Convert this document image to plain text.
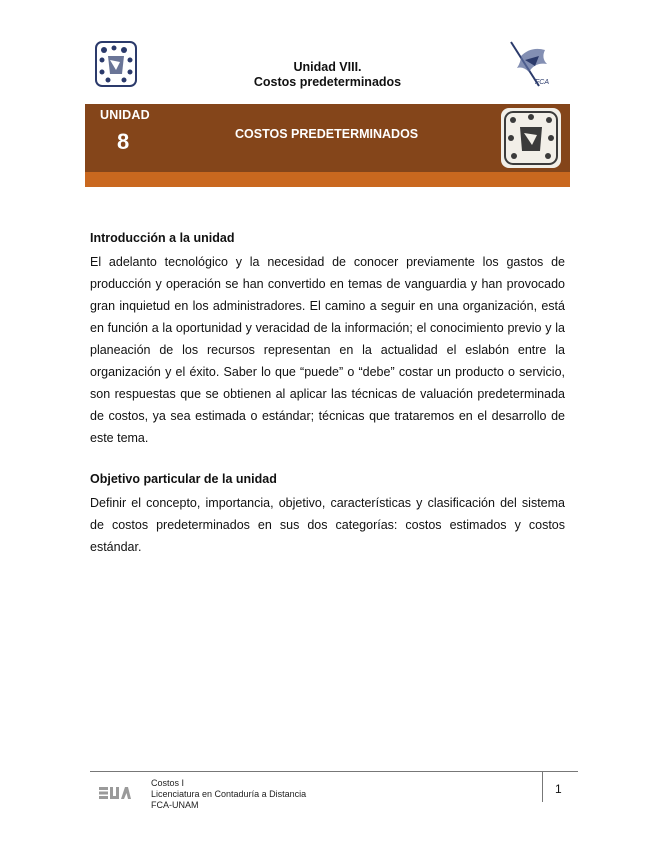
FCA
Unidad VIII.
Costos predeterminados
UNIDAD
8	COSTOS PREDETERMINADOS
Introducción a la unidad

El adelanto tecnológico y la necesidad de conocer previamente los gastos de producción y operación se han convertido en temas de vanguardia y han provocado gran inquietud en los administradores. El camino a seguir en una organización, está en función a la oportunidad y veracidad de la información; el conocimiento previo y la planeación de los recursos representan en la actualidad el eslabón entre la organización y el éxito. Saber lo que “puede” o “debe” costar un producto o servicio, son respuestas que se obtienen al aplicar las técnicas de valuación predeterminada de costos, ya sea estimada o estándar; técnicas que trataremos en el desarrollo de este tema.

Objetivo particular de la unidad

Definir el concepto, importancia, objetivo, características y clasificación del sistema de costos predeterminados en sus dos categorías: costos estimados y costos estándar.

Costos I
Licenciatura en Contaduría a Distancia
FCA-UNAM
1
